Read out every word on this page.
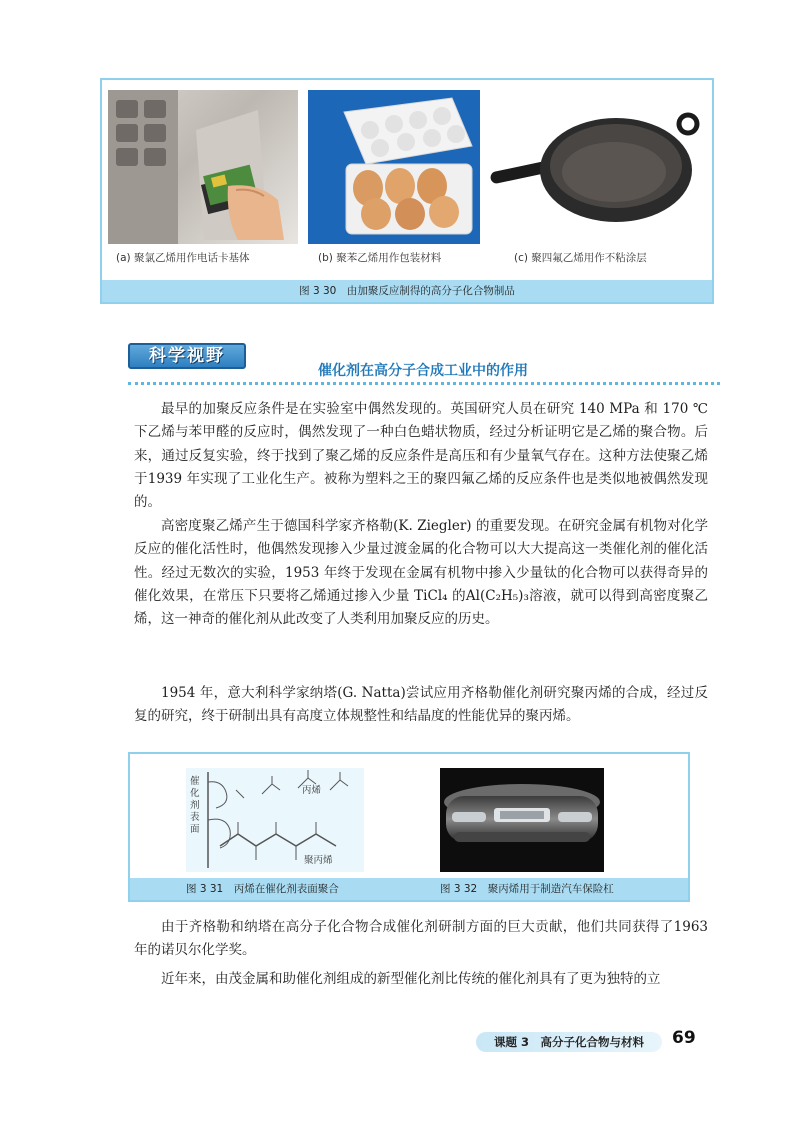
(a) 聚氯乙烯用作电话卡基体	(b) 聚苯乙烯用作包装材料	(c) 聚四氟乙烯用作不粘涂层
图 3 30　由加聚反应制得的高分子化合物制品
科学视野
催化剂在高分子合成工业中的作用

最早的加聚反应条件是在实验室中偶然发现的。英国研究人员在研究 140 MPa 和 170 ℃下乙烯与苯甲醛的反应时，偶然发现了一种白色蜡状物质，经过分析证明它是乙烯的聚合物。后来，通过反复实验，终于找到了聚乙烯的反应条件是高压和有少量氧气存在。这种方法使聚乙烯于1939 年实现了工业化生产。被称为塑料之王的聚四氟乙烯的反应条件也是类似地被偶然发现的。

高密度聚乙烯产生于德国科学家齐格勒(K. Ziegler) 的重要发现。在研究金属有机物对化学反应的催化活性时，他偶然发现掺入少量过渡金属的化合物可以大大提高这一类催化剂的催化活性。经过无数次的实验，1953 年终于发现在金属有机物中掺入少量钛的化合物可以获得奇异的催化效果，在常压下只要将乙烯通过掺入少量 TiCl₄ 的Al(C₂H₅)₃溶液，就可以得到高密度聚乙烯，这一神奇的催化剂从此改变了人类利用加聚反应的历史。

1954 年，意大利科学家纳塔(G. Natta)尝试应用齐格勒催化剂研究聚丙烯的合成，经过反复的研究，终于研制出具有高度立体规整性和结晶度的性能优异的聚丙烯。

催化剂表面
丙烯
聚丙烯
图 3 31　丙烯在催化剂表面聚合	图 3 32　聚丙烯用于制造汽车保险杠

由于齐格勒和纳塔在高分子化合物合成催化剂研制方面的巨大贡献，他们共同获得了1963 年的诺贝尔化学奖。

近年来，由茂金属和助催化剂组成的新型催化剂比传统的催化剂具有了更为独特的立

课题 3　高分子化合物与材料	69
